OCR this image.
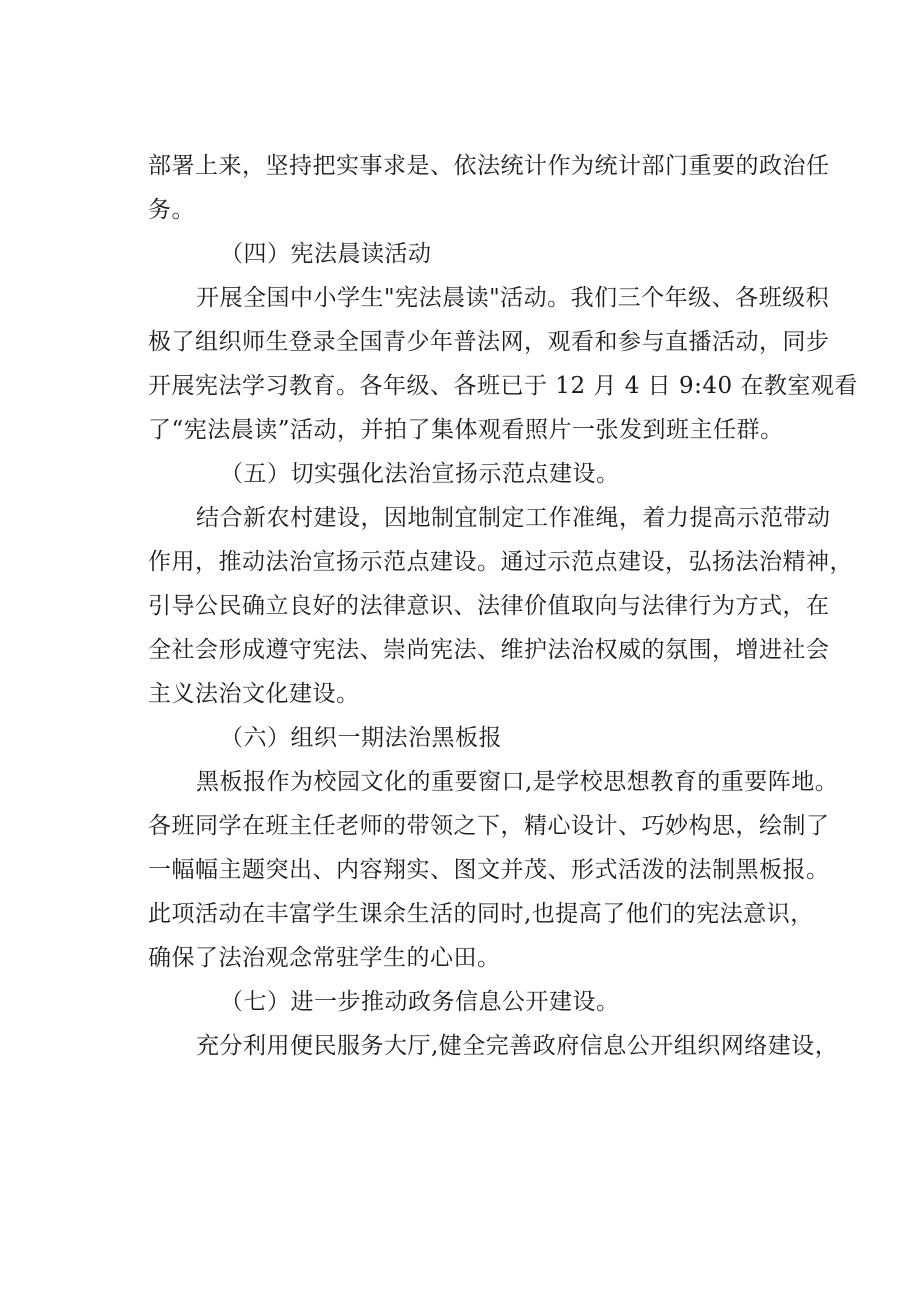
部署上来，坚持把实事求是、依法统计作为统计部门重要的政治任
务。
（四）宪法晨读活动
开展全国中小学生"宪法晨读"活动。我们三个年级、各班级积
极了组织师生登录全国青少年普法网，观看和参与直播活动，同步
开展宪法学习教育。各年级、各班已于 12 月 4 日 9:40 在教室观看
了“宪法晨读”活动，并拍了集体观看照片一张发到班主任群。
（五）切实强化法治宣扬示范点建设。
结合新农村建设，因地制宜制定工作准绳，着力提高示范带动
作用，推动法治宣扬示范点建设。通过示范点建设，弘扬法治精神，
引导公民确立良好的法律意识、法律价值取向与法律行为方式，在
全社会形成遵守宪法、崇尚宪法、维护法治权威的氛围，增进社会
主义法治文化建设。
（六）组织一期法治黑板报
黑板报作为校园文化的重要窗口,是学校思想教育的重要阵地。
各班同学在班主任老师的带领之下，精心设计、巧妙构思，绘制了
一幅幅主题突出、内容翔实、图文并茂、形式活泼的法制黑板报。
此项活动在丰富学生课余生活的同时,也提高了他们的宪法意识，
确保了法治观念常驻学生的心田。
（七）进一步推动政务信息公开建设。
充分利用便民服务大厅,健全完善政府信息公开组织网络建设，
